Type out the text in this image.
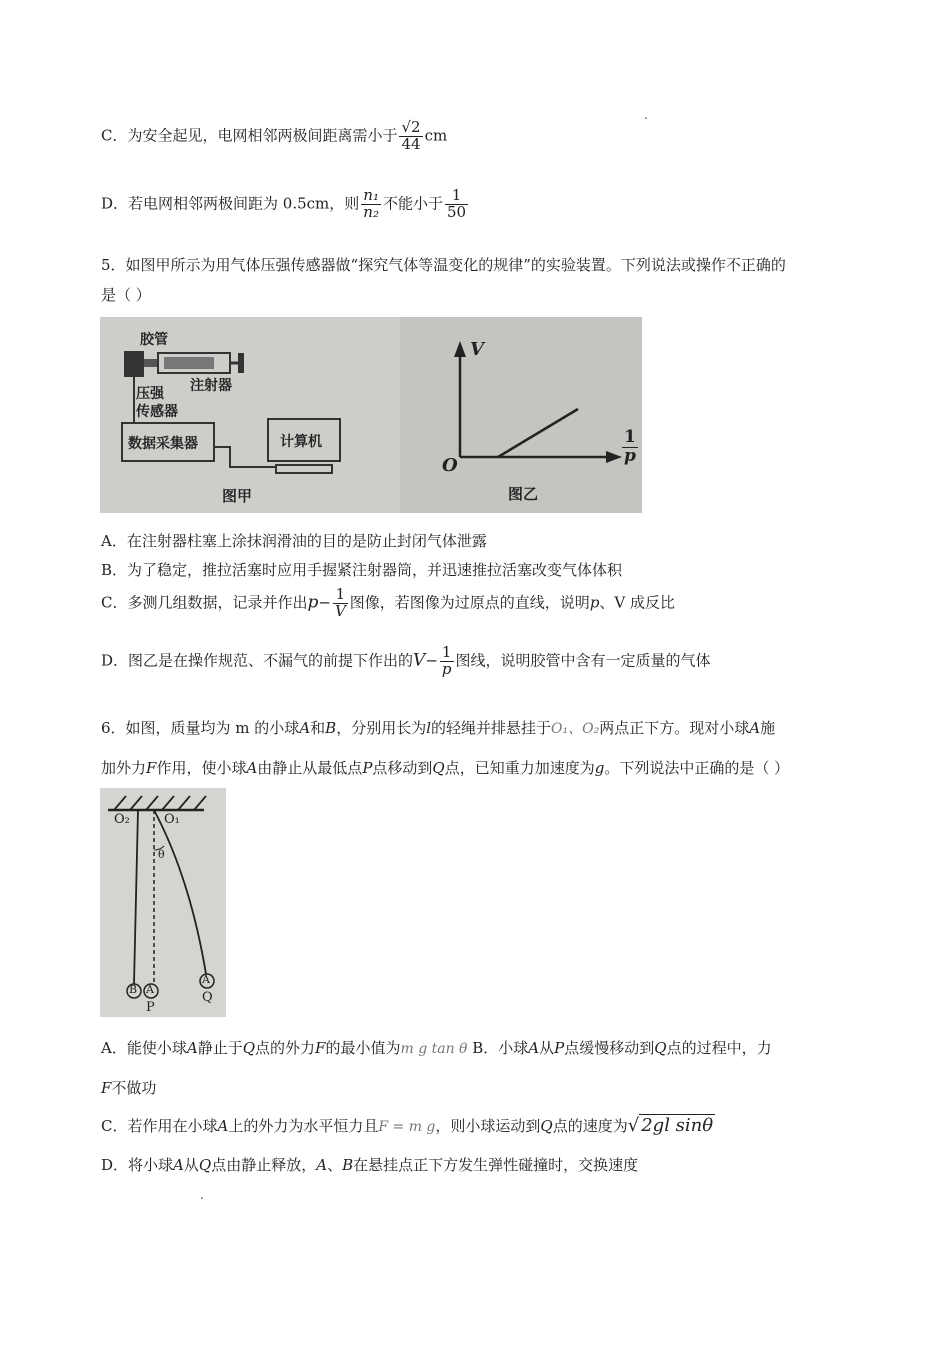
.
.
C．为安全起见，电网相邻两极间距离需小于 $\frac{√2}{44}$ cm
D．若电网相邻两极间距为 0.5cm，则 $\frac{\text{n₁}}{\text{n₂}}$ 不能小于 $\frac{1}{50}$
5．如图甲所示为用气体压强传感器做“探究气体等温变化的规律”的实验装置。下列说法或操作不正确的
是（ ）
胶管
注射器
压强
传感器
数据采集器	计算机
图甲
V
O	$\frac{1}{p}$
图乙
A．在注射器柱塞上涂抹润滑油的目的是防止封闭气体泄露
B．为了稳定，推拉活塞时应用手握紧注射器筒，并迅速推拉活塞改变气体体积
C．多测几组数据，记录并作出$p- \frac{1}{V}$ 图像，若图像为过原点的直线，说明p、V 成反比
D．图乙是在操作规范、不漏气的前提下作出的$V- \frac{1}{p}$ 图线，说明胶管中含有一定质量的气体
6．如图，质量均为 m 的小球A和B，分别用长为l的轻绳并排悬挂于O₁、O₂两点正下方。现对小球A施
加外力F作用，使小球A由静止从最低点P点移动到Q点，已知重力加速度为g。下列说法中正确的是（ ）
O₂	O₁
θ
B A
A
P
Q
A．能使小球A静止于Q点的外力F的最小值为m g tan θ B．小球A从P点缓慢移动到Q点的过程中，力
F不做功
C．若作用在小球A上的外力为水平恒力且F = m g，则小球运动到Q点的速度为√ 2gl sinθ
D．将小球A从Q点由静止释放，A、B在悬挂点正下方发生弹性碰撞时，交换速度
